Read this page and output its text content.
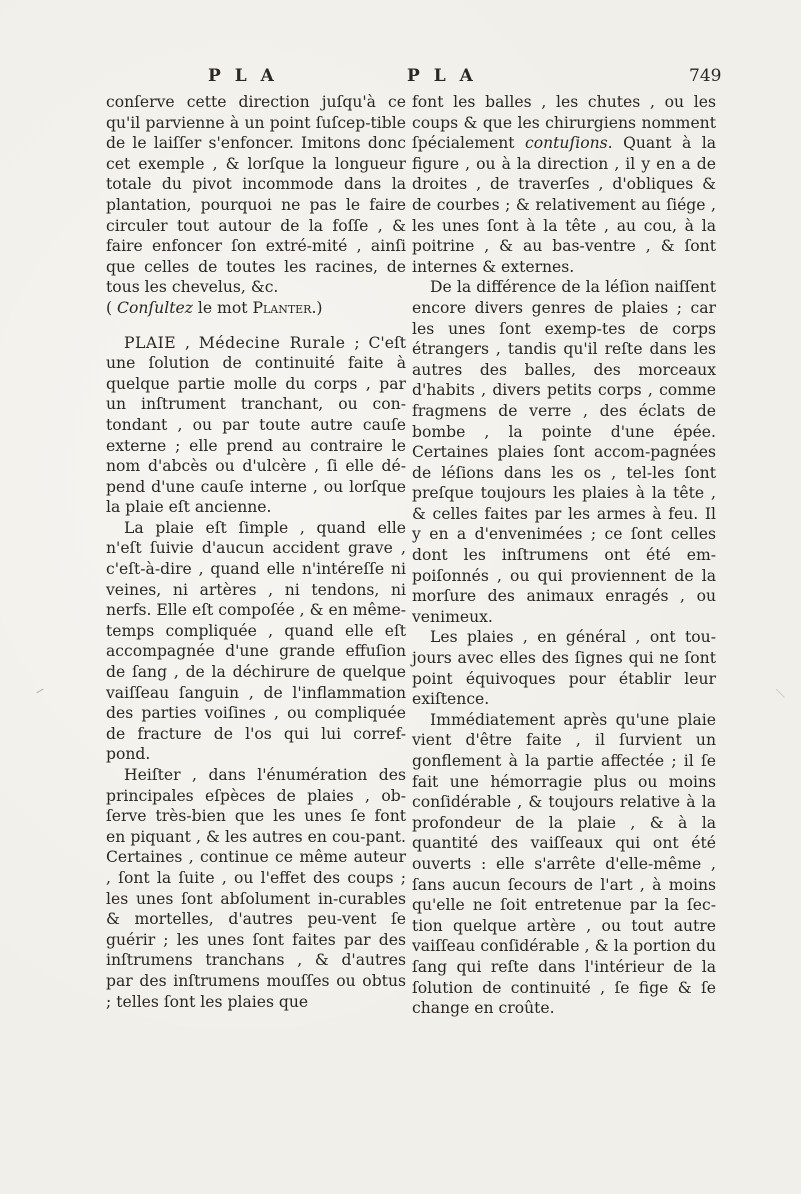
P L A	P L A	749

conſerve cette direction juſqu'à ce qu'il parvienne à un point ſuſcep-tible de le laiſſer s'enfoncer. Imitons donc cet exemple , & lorſque la longueur totale du pivot incommode dans la plantation, pourquoi ne pas le faire circuler tout autour de la foſſe , & faire enfoncer ſon extré-mité , ainſi que celles de toutes les racines, de tous les chevelus, &c.

( Conſultez le mot Planter.)

PLAIE , Médecine Rurale ; C'eſt une ſolution de continuité faite à quelque partie molle du corps , par un inſtrument tranchant, ou con-tondant , ou par toute autre cauſe externe ; elle prend au contraire le nom d'abcès ou d'ulcère , ſi elle dé-pend d'une cauſe interne , ou lorſque la plaie eſt ancienne.

La plaie eſt ſimple , quand elle n'eſt ſuivie d'aucun accident grave , c'eſt-à-dire , quand elle n'intéreſſe ni veines, ni artères , ni tendons, ni nerfs. Elle eſt compoſée , & en même-temps compliquée , quand elle eſt accompagnée d'une grande effuſion de ſang , de la déchirure de quelque vaiſſeau ſanguin , de l'inflammation des parties voiſines , ou compliquée de fracture de l'os qui lui corref-pond.

Heiſter , dans l'énumération des principales eſpèces de plaies , ob-ſerve très-bien que les unes ſe font en piquant , & les autres en cou-pant. Certaines , continue ce même auteur , ſont la ſuite , ou l'effet des coups ; les unes ſont abſolument in-curables & mortelles, d'autres peu-vent ſe guérir ; les unes ſont faites par des inſtrumens tranchans , & d'autres par des inſtrumens mouſſes ou obtus ; telles ſont les plaies que

font les balles , les chutes , ou les coups & que les chirurgiens nomment ſpécialement contuſions. Quant à la figure , ou à la direction , il y en a de droites , de traverſes , d'obliques & de courbes ; & relativement au ſiége , les unes ſont à la tête , au cou, à la poitrine , & au bas-ventre , & ſont internes & externes.

De la différence de la léſion naiſſent encore divers genres de plaies ; car les unes ſont exemp-tes de corps étrangers , tandis qu'il reſte dans les autres des balles, des morceaux d'habits , divers petits corps , comme fragmens de verre , des éclats de bombe , la pointe d'une épée. Certaines plaies ſont accom-pagnées de léſions dans les os , tel-les ſont preſque toujours les plaies à la tête , & celles faites par les armes à feu. Il y en a d'envenimées ; ce ſont celles dont les inſtrumens ont été em-poiſonnés , ou qui proviennent de la morſure des animaux enragés , ou venimeux.

Les plaies , en général , ont tou-jours avec elles des ſignes qui ne ſont point équivoques pour établir leur exiſtence.

Immédiatement après qu'une plaie vient d'être faite , il ſurvient un gonflement à la partie affectée ; il ſe fait une hémorragie plus ou moins conſidérable , & toujours relative à la profondeur de la plaie , & à la quantité des vaiſſeaux qui ont été ouverts : elle s'arrête d'elle-même , ſans aucun ſecours de l'art , à moins qu'elle ne ſoit entretenue par la ſec-tion quelque artère , ou tout autre vaiſſeau conſidérable , & la portion du ſang qui reſte dans l'intérieur de la ſolution de continuité , ſe fige & ſe change en croûte.
